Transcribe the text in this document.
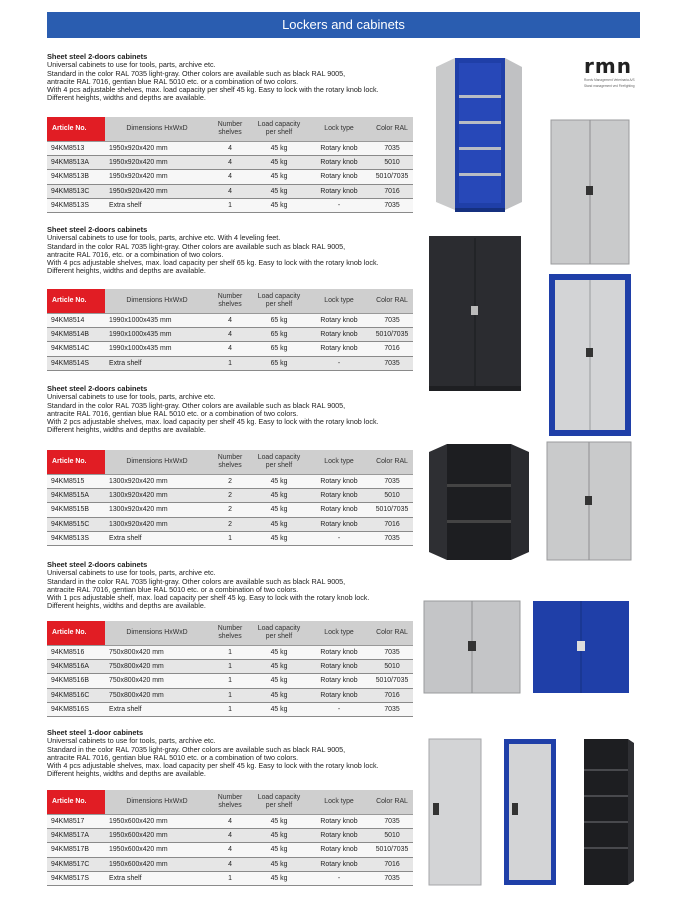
Lockers and cabinets
rmn
Roedv Management Veterinaria A/S
Stand management ved Firefighting
Sheet steel 2-doors cabinets
Universal cabinets to use for tools, parts, archive etc.
Standard in the color RAL 7035 light-gray. Other colors are available such as black RAL 9005,
antracite RAL 7016, gentian blue RAL 5010 etc. or a combination of two colors.
With 4 pcs adjustable shelves, max. load capacity per shelf 45 kg. Easy to lock with the rotary knob lock.
Different heights, widths and depths are available.
Article No.	Dimensions HxWxD	Number shelves	Load capacity per shelf	Lock type	Color RAL
94KM8513	1950x920x420 mm	4	45 kg	Rotary knob	7035
94KM8513A	1950x920x420 mm	4	45 kg	Rotary knob	5010
94KM8513B	1950x920x420 mm	4	45 kg	Rotary knob	5010/7035
94KM8513C	1950x920x420 mm	4	45 kg	Rotary knob	7016
94KM8513S	Extra shelf	1	45 kg	-	7035
Sheet steel 2-doors cabinets
Universal cabinets to use for tools, parts, archive etc. With 4 leveling feet.
Standard in the color RAL 7035 light-gray. Other colors are available such as black RAL 9005,
antracite RAL 7016, etc. or a combination of two colors.
With 4 pcs adjustable shelves, max. load capacity per shelf 65 kg. Easy to lock with the rotary knob lock.
Different heights, widths and depths are available.
Article No.	Dimensions HxWxD	Number shelves	Load capacity per shelf	Lock type	Color RAL
94KM8514	1990x1000x435 mm	4	65 kg	Rotary knob	7035
94KM8514B	1990x1000x435 mm	4	65 kg	Rotary knob	5010/7035
94KM8514C	1990x1000x435 mm	4	65 kg	Rotary knob	7016
94KM8514S	Extra shelf	1	65 kg	-	7035
Sheet steel 2-doors cabinets
Universal cabinets to use for tools, parts, archive etc.
Standard in the color RAL 7035 light-gray. Other colors are available such as black RAL 9005,
antracite RAL 7016, gentian blue RAL 5010 etc. or a combination of two colors.
With 2 pcs adjustable shelves, max. load capacity per shelf 45 kg. Easy to lock with the rotary knob lock.
Different heights, widths and depths are available.
Article No.	Dimensions HxWxD	Number shelves	Load capacity per shelf	Lock type	Color RAL
94KM8515	1300x920x420 mm	2	45 kg	Rotary knob	7035
94KM8515A	1300x920x420 mm	2	45 kg	Rotary knob	5010
94KM8515B	1300x920x420 mm	2	45 kg	Rotary knob	5010/7035
94KM8515C	1300x920x420 mm	2	45 kg	Rotary knob	7016
94KM8513S	Extra shelf	1	45 kg	-	7035
Sheet steel 2-doors cabinets
Universal cabinets to use for tools, parts, archive etc.
Standard in the color RAL 7035 light-gray. Other colors are available such as black RAL 9005,
antracite RAL 7016, gentian blue RAL 5010 etc. or a combination of two colors.
With 1 pcs adjustable shelf, max. load capacity per shelf 45 kg. Easy to lock with the rotary knob lock.
Different heights, widths and depths are available.
Article No.	Dimensions HxWxD	Number shelves	Load capacity per shelf	Lock type	Color RAL
94KM8516	750x800x420 mm	1	45 kg	Rotary knob	7035
94KM8516A	750x800x420 mm	1	45 kg	Rotary knob	5010
94KM8516B	750x800x420 mm	1	45 kg	Rotary knob	5010/7035
94KM8516C	750x800x420 mm	1	45 kg	Rotary knob	7016
94KM8516S	Extra shelf	1	45 kg	-	7035
Sheet steel 1-door cabinets
Universal cabinets to use for tools, parts, archive etc.
Standard in the color RAL 7035 light-gray. Other colors are available such as black RAL 9005,
antracite RAL 7016, gentian blue RAL 5010 etc. or a combination of two colors.
With 4 pcs adjustable shelves, max. load capacity per shelf 45 kg. Easy to lock with the rotary knob lock.
Different heights, widths and depths are available.
Article No.	Dimensions HxWxD	Number shelves	Load capacity per shelf	Lock type	Color RAL
94KM8517	1950x600x420 mm	4	45 kg	Rotary knob	7035
94KM8517A	1950x600x420 mm	4	45 kg	Rotary knob	5010
94KM8517B	1950x600x420 mm	4	45 kg	Rotary knob	5010/7035
94KM8517C	1950x600x420 mm	4	45 kg	Rotary knob	7016
94KM8517S	Extra shelf	1	45 kg	-	7035
